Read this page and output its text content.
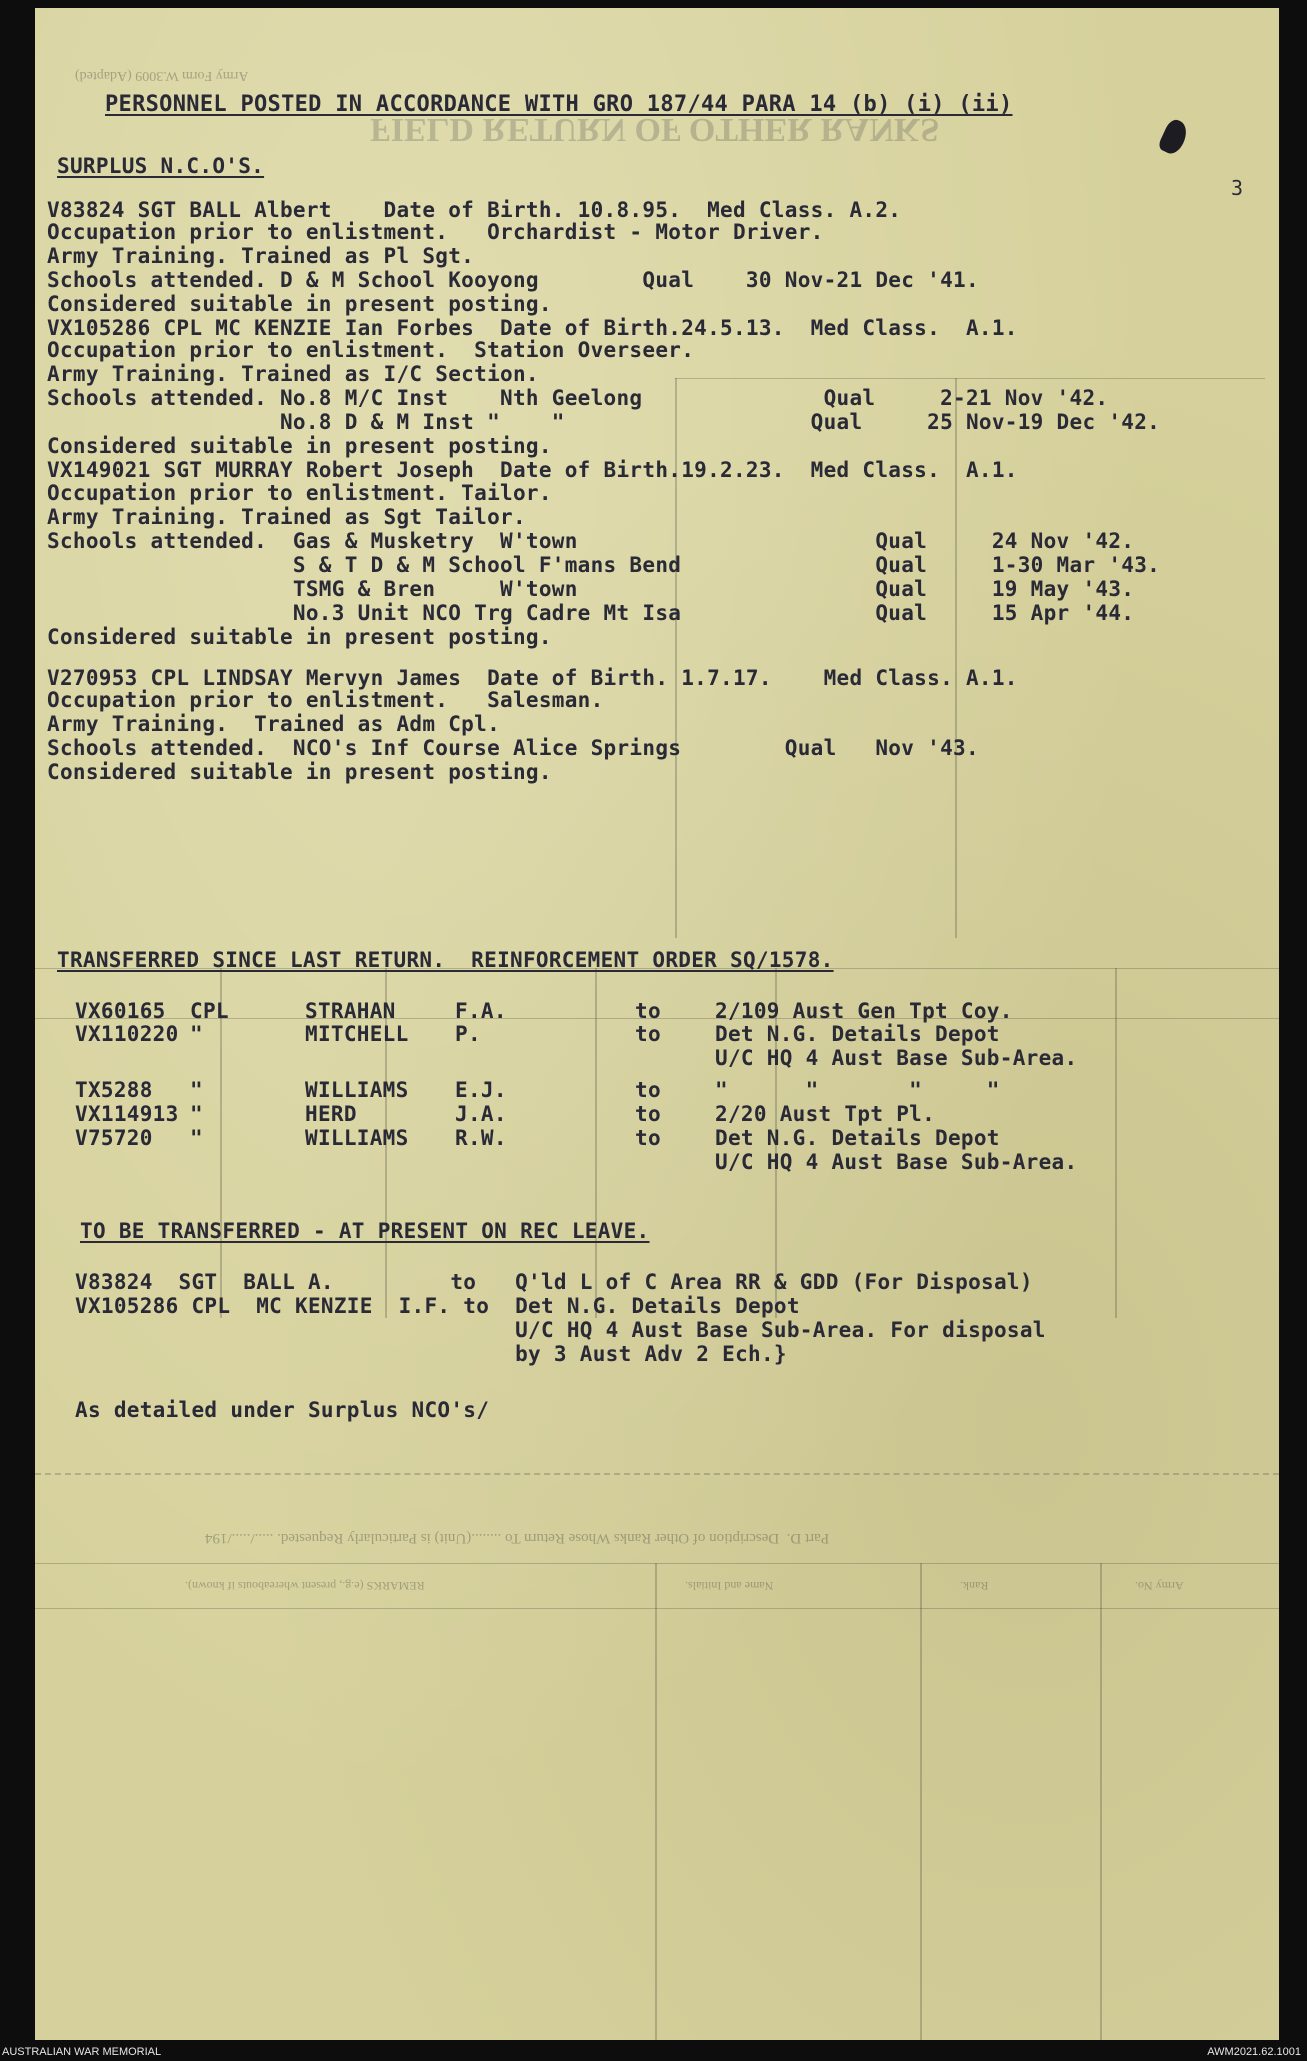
Army Form W.3009 (Adapted)
FIELD RETURN OF OTHER RANKS
PERSONNEL POSTED IN ACCORDANCE WITH GRO 187/44 PARA 14 (b) (i) (ii)
3
SURPLUS N.C.O'S.
V83824 SGT BALL Albert    Date of Birth. 10.8.95.  Med Class. A.2.
Occupation prior to enlistment.   Orchardist - Motor Driver.
Army Training. Trained as Pl Sgt.
Schools attended. D & M School Kooyong        Qual    30 Nov-21 Dec '41.
Considered suitable in present posting.
VX105286 CPL MC KENZIE Ian Forbes  Date of Birth.24.5.13.  Med Class.  A.1.
Occupation prior to enlistment.  Station Overseer.
Army Training. Trained as I/C Section.
Schools attended. No.8 M/C Inst    Nth Geelong              Qual     2-21 Nov '42.
No.8 D & M Inst "    "                   Qual     25 Nov-19 Dec '42.
Considered suitable in present posting.
VX149021 SGT MURRAY Robert Joseph  Date of Birth.19.2.23.  Med Class.  A.1.
Occupation prior to enlistment. Tailor.
Army Training. Trained as Sgt Tailor.
Schools attended.  Gas & Musketry  W'town                       Qual     24 Nov '42.
S & T D & M School F'mans Bend               Qual     1-30 Mar '43.
TSMG & Bren     W'town                       Qual     19 May '43.
No.3 Unit NCO Trg Cadre Mt Isa               Qual     15 Apr '44.
Considered suitable in present posting.
V270953 CPL LINDSAY Mervyn James  Date of Birth. 1.7.17.    Med Class. A.1.
Occupation prior to enlistment.   Salesman.
Army Training.  Trained as Adm Cpl.
Schools attended.  NCO's Inf Course Alice Springs        Qual   Nov '43.
Considered suitable in present posting.
TRANSFERRED SINCE LAST RETURN.  REINFORCEMENT ORDER SQ/1578.
VX60165 CPL	STRAHAN	F.A.	to	2/109 Aust Gen Tpt Coy.
VX110220 "	MITCHELL P.	to	Det N.G. Details Depot
U/C HQ 4 Aust Base Sub-Area.
TX5288 "	WILLIAMS E.J.	to	"      "       "     "
VX114913 "	HERD	J.A.	to	2/20 Aust Tpt Pl.
V75720 "	WILLIAMS R.W.	to	Det N.G. Details Depot
U/C HQ 4 Aust Base Sub-Area.
TO BE TRANSFERRED - AT PRESENT ON REC LEAVE.
V83824  SGT  BALL A.         to   Q'ld L of C Area RR & GDD (For Disposal)
VX105286 CPL  MC KENZIE  I.F. to  Det N.G. Details Depot
U/C HQ 4 Aust Base Sub-Area. For disposal
by 3 Aust Adv 2 Ech.}
As detailed under Surplus NCO's/
Part D.  Description of Other Ranks Whose Return To ........(Unit) is Particularly Requested. ...../...../194
Army No.
Rank.
Name and Initials.
REMARKS (e.g., present whereabouts if known).
AUSTRALIAN WAR MEMORIAL	AWM2021.62.1001
